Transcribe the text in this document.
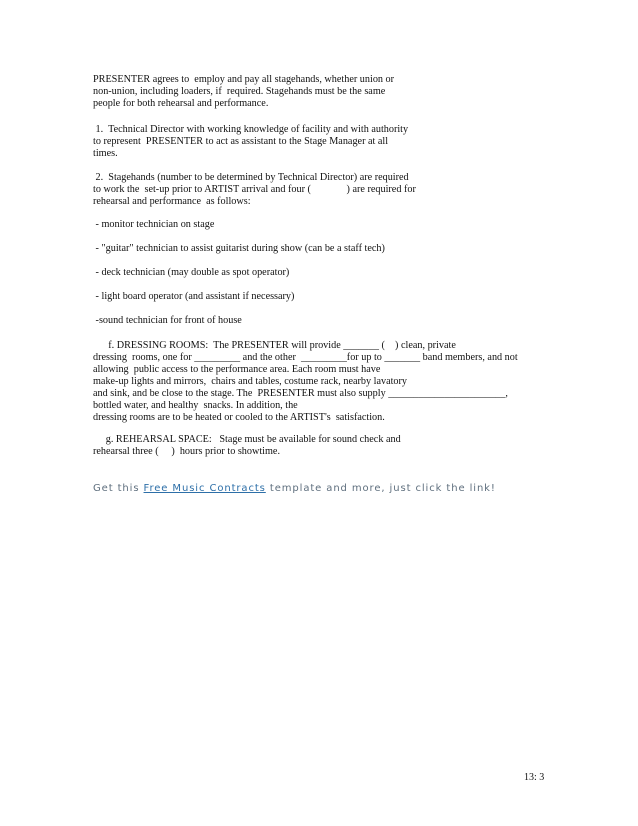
PRESENTER agrees to  employ and pay all stagehands, whether union or
non-union, including loaders, if  required. Stagehands must be the same
people for both rehearsal and performance.
1.  Technical Director with working knowledge of facility and with authority
to represent  PRESENTER to act as assistant to the Stage Manager at all
times.
2.  Stagehands (number to be determined by Technical Director) are required
to work the  set-up prior to ARTIST arrival and four (              ) are required for
rehearsal and performance  as follows:
- monitor technician on stage
- "guitar" technician to assist guitarist during show (can be a staff tech)
- deck technician (may double as spot operator)
- light board operator (and assistant if necessary)
-sound technician for front of house
f. DRESSING ROOMS:  The PRESENTER will provide _______ (    ) clean, private
dressing  rooms, one for _________ and the other  _________for up to _______ band members, and not
allowing  public access to the performance area. Each room must have
make-up lights and mirrors,  chairs and tables, costume rack, nearby lavatory
and sink, and be close to the stage. The  PRESENTER must also supply _______________________,
bottled water, and healthy  snacks. In addition, the
dressing rooms are to be heated or cooled to the ARTIST's  satisfaction.
g. REHEARSAL SPACE:   Stage must be available for sound check and
rehearsal three (     )  hours prior to showtime.
Get this Free Music Contracts template and more, just click the link!
13: 3
